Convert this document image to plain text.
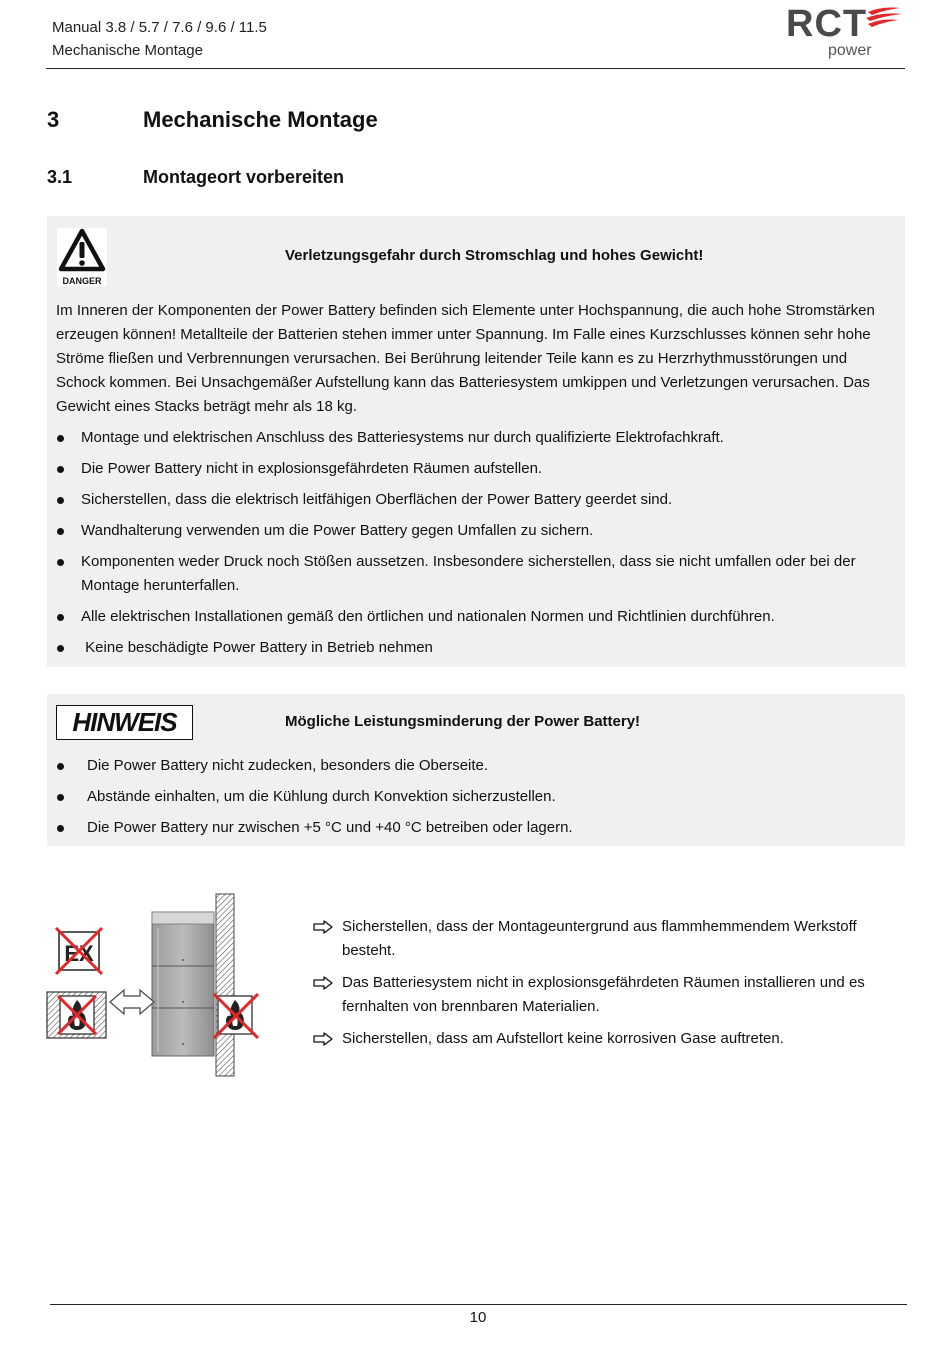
Manual 3.8 / 5.7 / 7.6 / 9.6 / 11.5
Mechanische Montage
RCT
power
3	Mechanische Montage
3.1	Montageort vorbereiten
DANGER
Verletzungsgefahr durch Stromschlag und hohes Gewicht!
Im Inneren der Komponenten der Power Battery befinden sich Elemente unter Hochspannung, die auch hohe Stromstärken erzeugen können! Metallteile der Batterien stehen immer unter Spannung. Im Falle eines Kurzschlusses können sehr hohe Ströme fließen und Verbrennungen verursachen. Bei Berührung leitender Teile kann es zu Herzrhythmusstörungen und Schock kommen. Bei Unsachgemäßer Aufstellung kann das Batteriesystem umkippen und Verletzungen verursachen. Das Gewicht eines Stacks beträgt mehr als 18 kg.
Montage und elektrischen Anschluss des Batteriesystems nur durch qualifizierte Elektrofachkraft.
Die Power Battery nicht in explosionsgefährdeten Räumen aufstellen.
Sicherstellen, dass die elektrisch leitfähigen Oberflächen der Power Battery geerdet sind.
Wandhalterung verwenden um die Power Battery gegen Umfallen zu sichern.
Komponenten weder Druck noch Stößen aussetzen. Insbesondere sicherstellen, dass sie nicht umfallen oder bei der Montage herunterfallen.
Alle elektrischen Installationen gemäß den örtlichen und nationalen Normen und Richtlinien durchführen.
Keine beschädigte Power Battery in Betrieb nehmen
HINWEIS	Mögliche Leistungsminderung der Power Battery!
Die Power Battery nicht zudecken, besonders die Oberseite.
Abstände einhalten, um die Kühlung durch Konvektion sicherzustellen.
Die Power Battery nur zwischen +5 °C und +40 °C betreiben oder lagern.
EX
Sicherstellen, dass der Montageuntergrund aus flammhemmendem Werkstoff besteht.
Das Batteriesystem nicht in explosionsgefährdeten Räumen installieren und es fernhalten von brennbaren Materialien.
Sicherstellen, dass am Aufstellort keine korrosiven Gase auftreten.
10
